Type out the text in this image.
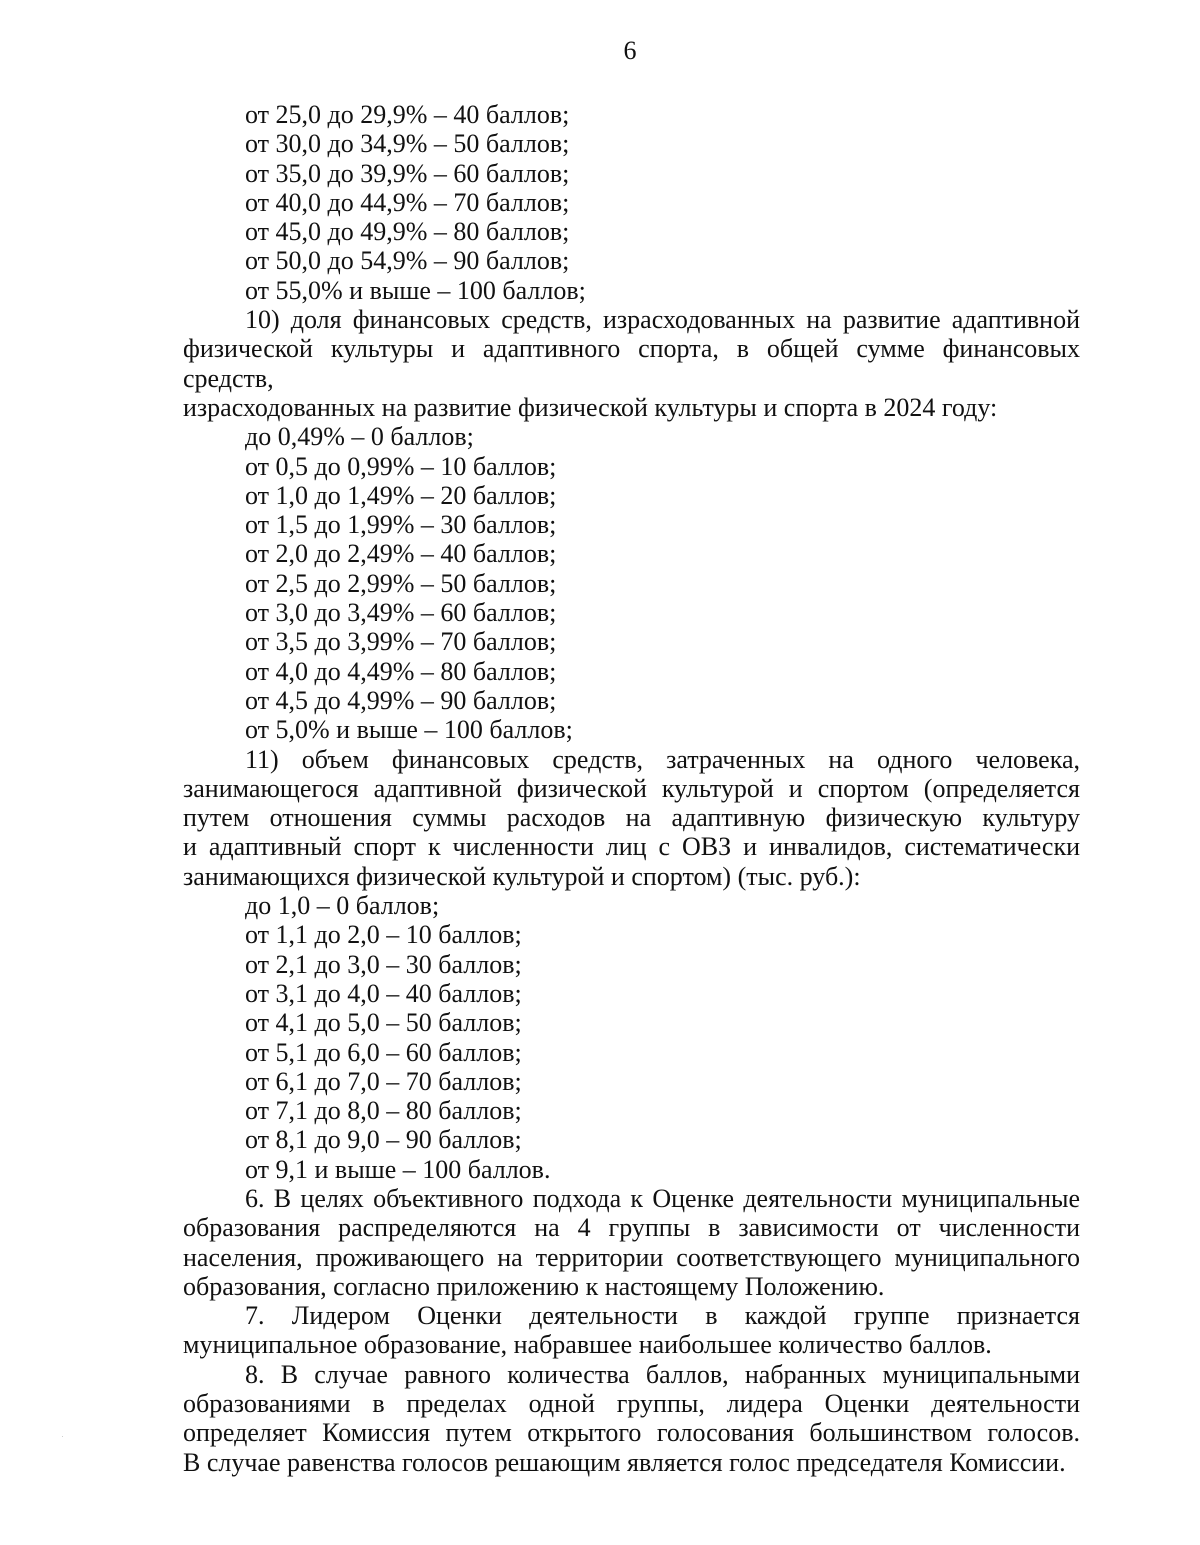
6

от 25,0 до 29,9% – 40 баллов;

от 30,0 до 34,9% – 50 баллов;

от 35,0 до 39,9% – 60 баллов;

от 40,0 до 44,9% – 70 баллов;

от 45,0 до 49,9% – 80 баллов;

от 50,0 до 54,9% – 90 баллов;

от 55,0% и выше – 100 баллов;

10) доля финансовых средств, израсходованных на развитие адаптивной

физической культуры и адаптивного спорта, в общей сумме финансовых средств,

израсходованных на развитие физической культуры и спорта в 2024 году:

до 0,49% – 0 баллов;

от 0,5 до 0,99% – 10 баллов;

от 1,0 до 1,49% – 20 баллов;

от 1,5 до 1,99% – 30 баллов;

от 2,0 до 2,49% – 40 баллов;

от 2,5 до 2,99% – 50 баллов;

от 3,0 до 3,49% – 60 баллов;

от 3,5 до 3,99% – 70 баллов;

от 4,0 до 4,49% – 80 баллов;

от 4,5 до 4,99% – 90 баллов;

от 5,0% и выше – 100 баллов;

11) объем финансовых средств, затраченных на одного человека,

занимающегося адаптивной физической культурой и спортом (определяется

путем отношения суммы расходов на адаптивную физическую культуру

и адаптивный спорт к численности лиц с ОВЗ и инвалидов, систематически

занимающихся физической культурой и спортом) (тыс. руб.):

до 1,0 – 0 баллов;

от 1,1 до 2,0 – 10 баллов;

от 2,1 до 3,0 – 30 баллов;

от 3,1 до 4,0 – 40 баллов;

от 4,1 до 5,0 – 50 баллов;

от 5,1 до 6,0 – 60 баллов;

от 6,1 до 7,0 – 70 баллов;

от 7,1 до 8,0 – 80 баллов;

от 8,1 до 9,0 – 90 баллов;

от 9,1 и выше – 100 баллов.

6. В целях объективного подхода к Оценке деятельности муниципальные

образования распределяются на 4 группы в зависимости от численности

населения, проживающего на территории соответствующего муниципального

образования, согласно приложению к настоящему Положению.

7. Лидером Оценки деятельности в каждой группе признается

муниципальное образование, набравшее наибольшее количество баллов.

8. В случае равного количества баллов, набранных муниципальными

образованиями в пределах одной группы, лидера Оценки деятельности

определяет Комиссия путем открытого голосования большинством голосов.

В случае равенства голосов решающим является голос председателя Комиссии.
